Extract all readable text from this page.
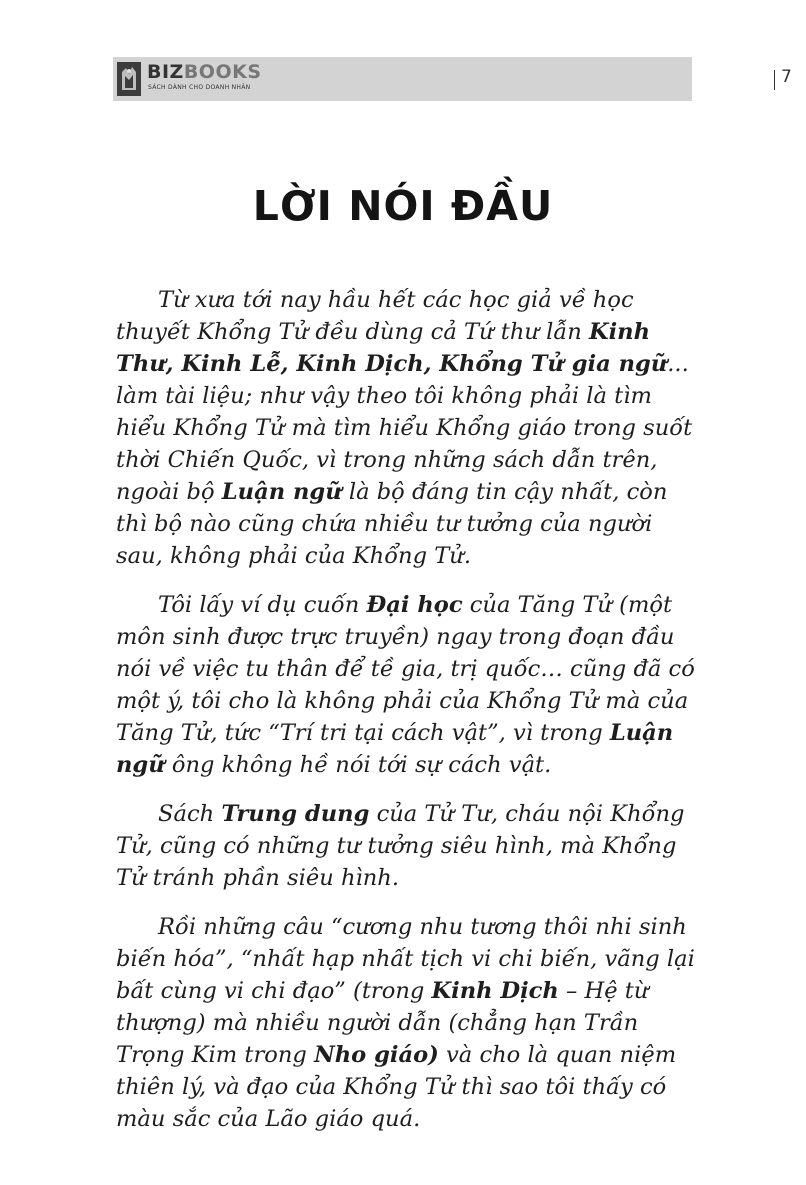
BIZBOOKS
SÁCH DÀNH CHO DOANH NHÂN
7
LỜI NÓI ĐẦU

Từ xưa tới nay hầu hết các học giả về học thuyết Khổng Tử đều dùng cả Tứ thư lẫn Kinh Thư, Kinh Lễ, Kinh Dịch, Khổng Tử gia ngữ... làm tài liệu; như vậy theo tôi không phải là tìm hiểu Khổng Tử mà tìm hiểu Khổng giáo trong suốt thời Chiến Quốc, vì trong những sách dẫn trên, ngoài bộ Luận ngữ là bộ đáng tin cậy nhất, còn thì bộ nào cũng chứa nhiều tư tưởng của người sau, không phải của Khổng Tử.

Tôi lấy ví dụ cuốn Đại học của Tăng Tử (một môn sinh được trực truyền) ngay trong đoạn đầu nói về việc tu thân để tề gia, trị quốc… cũng đã có một ý, tôi cho là không phải của Khổng Tử mà của Tăng Tử, tức “Trí tri tại cách vật”, vì trong Luận ngữ ông không hề nói tới sự cách vật.

Sách Trung dung của Tử Tư, cháu nội Khổng Tử, cũng có những tư tưởng siêu hình, mà Khổng Tử tránh phần siêu hình.

Rồi những câu “cương nhu tương thôi nhi sinh biến hóa”, “nhất hạp nhất tịch vi chi biến, vãng lại bất cùng vi chi đạo” (trong Kinh Dịch – Hệ từ thượng) mà nhiều người dẫn (chẳng hạn Trần Trọng Kim trong Nho giáo) và cho là quan niệm thiên lý, và đạo của Khổng Tử thì sao tôi thấy có màu sắc của Lão giáo quá.
